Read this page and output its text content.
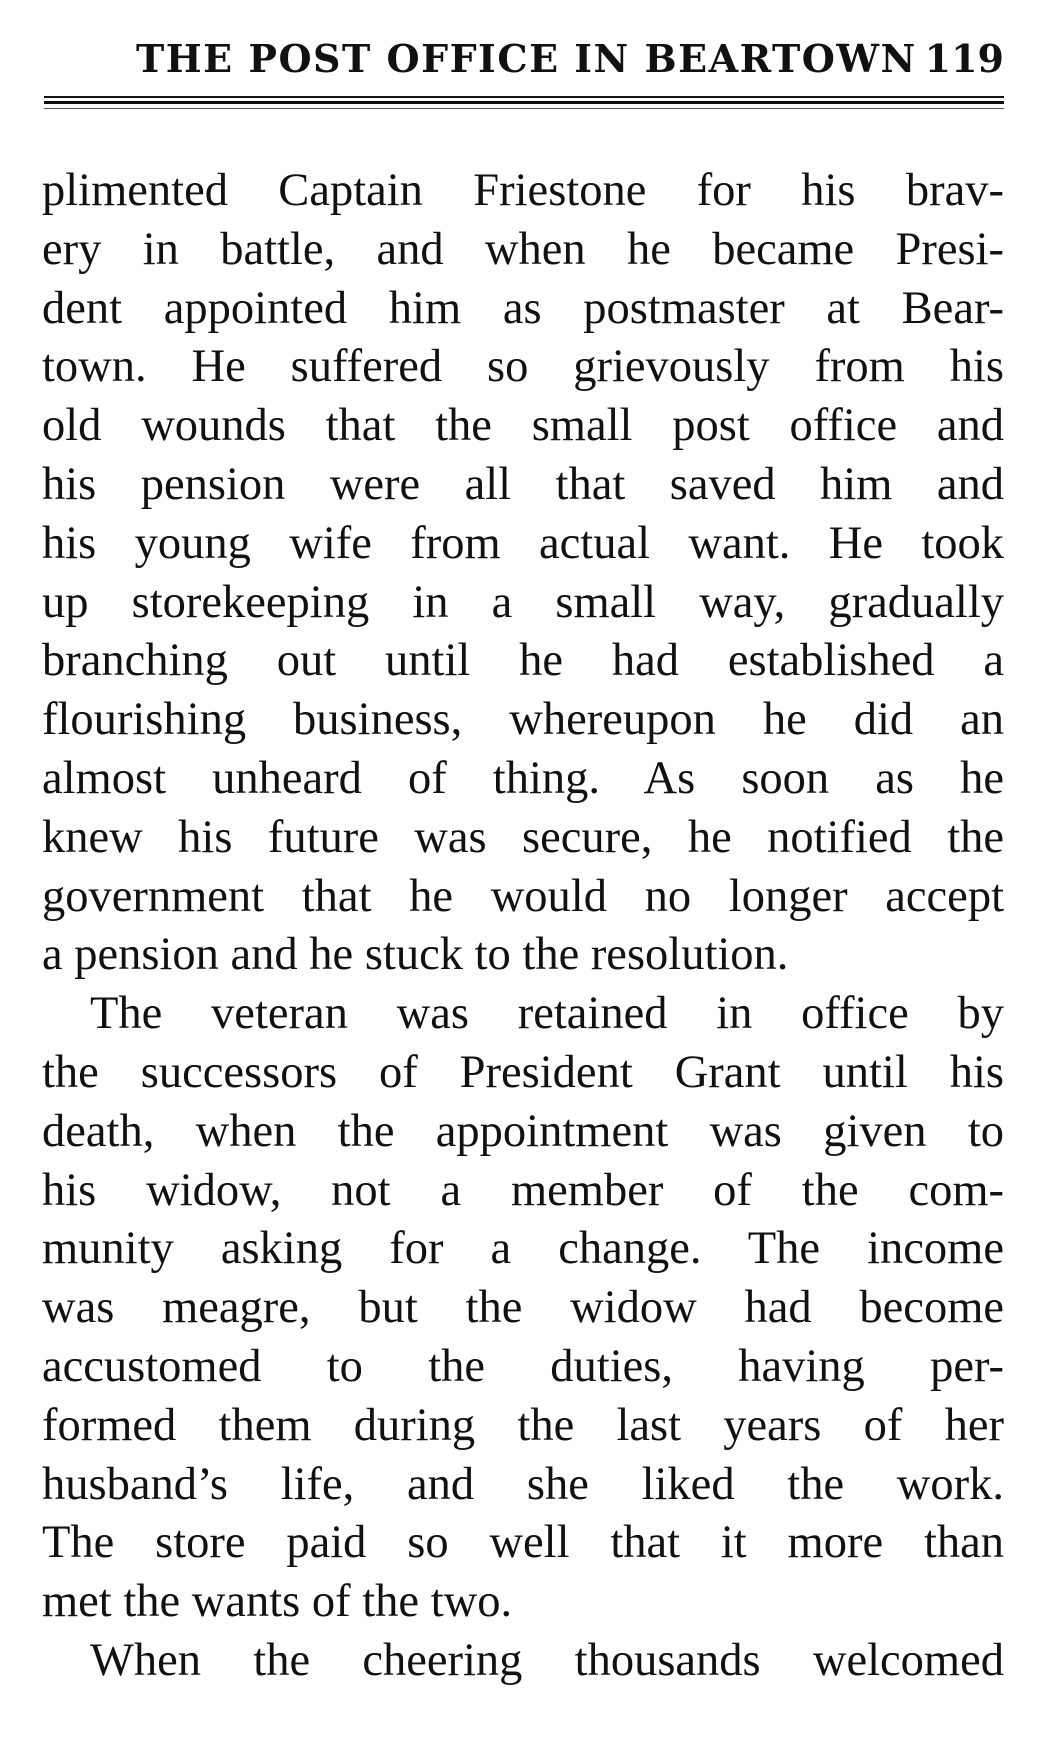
THE POST OFFICE IN BEARTOWN 119
plimented Captain Friestone for his brav-
ery in battle, and when he became Presi-
dent appointed him as postmaster at Bear-
town. He suffered so grievously from his
old wounds that the small post office and
his pension were all that saved him and
his young wife from actual want. He took
up storekeeping in a small way, gradually
branching out until he had established a
flourishing business, whereupon he did an
almost unheard of thing. As soon as he
knew his future was secure, he notified the
government that he would no longer accept
a pension and he stuck to the resolution.
The veteran was retained in office by
the successors of President Grant until his
death, when the appointment was given to
his widow, not a member of the com-
munity asking for a change. The income
was meagre, but the widow had become
accustomed to the duties, having per-
formed them during the last years of her
husband’s life, and she liked the work.
The store paid so well that it more than
met the wants of the two.
When the cheering thousands welcomed
